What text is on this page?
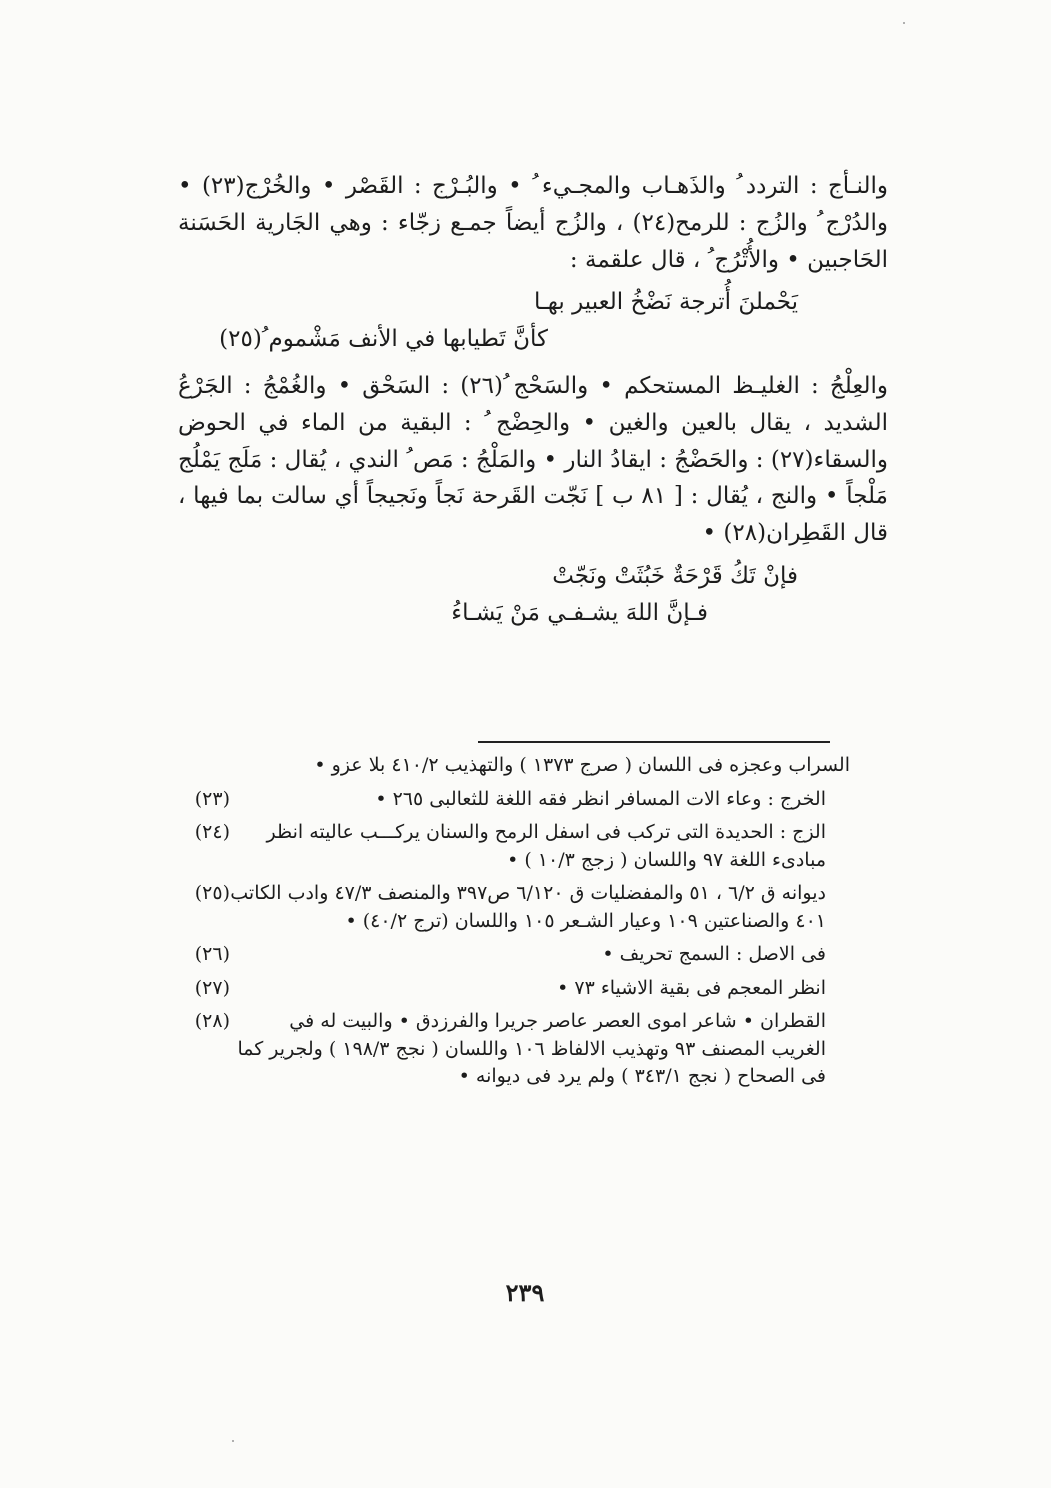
والنـأج : التردد ُ والذَهـاب والمجـيء ُ • والبُـرْج : القَصْر • والخُرْج(٢٣) • والدُرْج ُ والزُج : للرمح(٢٤) ، والزُج أيضاً جمـع زجّاء : وهي الجَارية الحَسَنة الحَاجبين • والأُتْرُج ُ ، قال علقمة :

يَحْملنَ أُترجة نَضْخُ العبير بهـا
كأنَّ تَطيابها في الأنف مَشْموم ُ(٢٥)

والعِلْجُ : الغليـظ المستحكم • والسَحْج ُ(٢٦) : السَحْق • والغُمْجُ : الجَرْعُ الشديد ، يقال بالعين والغين • والحِضْج ُ : البقية من الماء في الحوض والسقاء(٢٧) : والحَضْجُ : ايقادُ النار • والمَلْجُ : مَص ُ الندي ، يُقال : مَلَج يَمْلُج مَلْجاً • والنج ، يُقال : [ ٨١ ب ] نَجّت القَرحة نَجاً ونَجيجاً أي سالت بما فيها ، قال القَطِران(٢٨) •

فإنْ تَكُ قَرْحَةٌ خَبُثَتْ ونَجّتْ
فـإنَّ اللهَ يشـفـي مَنْ يَشـاءُ

السراب وعجزه فى اللسان ( صرج ١٣٧٣ ) والتهذيب ٤١٠/٢ بلا عزو •

الخرج : وعاء الات المسافر انظر فقه اللغة للثعالبى ٢٦٥ •
(٢٣)
الزج : الحديدة التى تركب فى اسفل الرمح والسنان يركـــب عاليته انظر مبادىء اللغة ٩٧ واللسان ( زجج ١٠/٣ ) •
(٢٤)
ديوانه ق ٦/٢ ، ٥١ والمفضليات ق ٦/١٢٠ ص٣٩٧ والمنصف ٤٧/٣ وادب الكاتب ٤٠١ والصناعتين ١٠٩ وعيار الشـعر ١٠٥ واللسان (ترج ٤٠/٢) •
(٢٥)
فى الاصل : السمج تحريف •
(٢٦)
انظر المعجم فى بقية الاشياء ٧٣ •
(٢٧)
القطران • شاعر اموى العصر عاصر جريرا والفرزدق • والبيت له في الغريب المصنف ٩٣ وتهذيب الالفاظ ١٠٦ واللسان ( نجج ١٩٨/٣ ) ولجرير كما فى الصحاح ( نجج ٣٤٣/١ ) ولم يرد فى ديوانه •
(٢٨)
٢٣٩
